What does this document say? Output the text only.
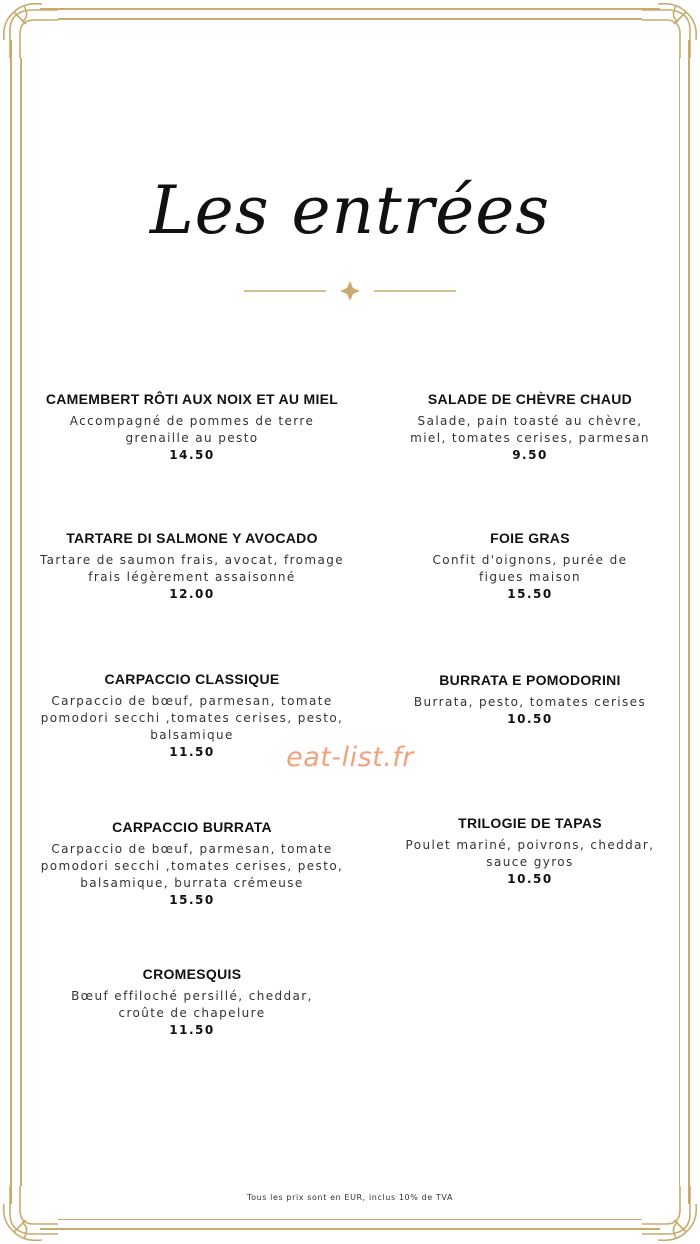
Les entrées
CAMEMBERT RÔTI AUX NOIX ET AU MIEL
Accompagné de pommes de terre
grenaille au pesto
14.50
TARTARE DI SALMONE Y AVOCADO
Tartare de saumon frais, avocat, fromage
frais légèrement assaisonné
12.00
CARPACCIO CLASSIQUE
Carpaccio de bœuf, parmesan, tomate
pomodori secchi ,tomates cerises, pesto,
balsamique
11.50
CARPACCIO BURRATA
Carpaccio de bœuf, parmesan, tomate
pomodori secchi ,tomates cerises, pesto,
balsamique, burrata crémeuse
15.50
CROMESQUIS
Bœuf effiloché persillé, cheddar,
croûte de chapelure
11.50
SALADE DE CHÈVRE CHAUD
Salade, pain toasté au chèvre,
miel, tomates cerises, parmesan
9.50
FOIE GRAS
Confit d'oignons, purée de
figues maison
15.50
BURRATA E POMODORINI
Burrata, pesto, tomates cerises
10.50
TRILOGIE DE TAPAS
Poulet mariné, poivrons, cheddar,
sauce gyros
10.50
eat-list.fr
Tous les prix sont en EUR, inclus 10% de TVA
